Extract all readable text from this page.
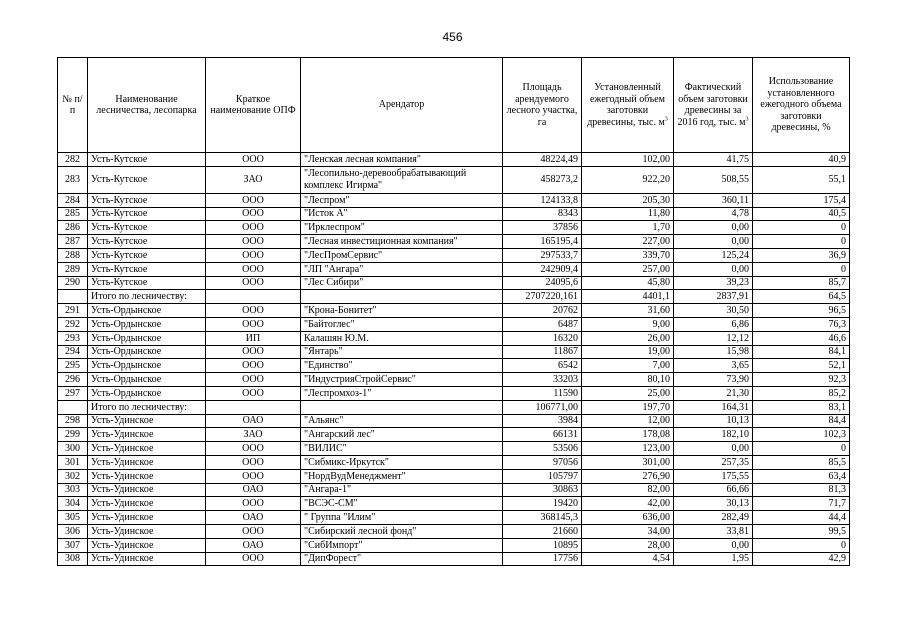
456
№ п/п	Наименование лесничества, лесопарка	Краткое наименование ОПФ	Арендатор	Площадь арендуемого лесного участка, га	Установленный ежегодный объем заготовки древесины, тыс. $м^3$	Фактический объем заготовки древесины за 2016 год, тыс. $м^3$	Использование установленного ежегодного объема заготовки древесины, %
282	Усть-Кутское	ООО	"Ленская лесная компания"	48224,49	102,00	41,75	40,9
283	Усть-Кутское	ЗАО	"Лесопильно-деревообрабатывающий комплекс Игирма"	458273,2	922,20	508,55	55,1
284	Усть-Кутское	ООО	"Леспром"	124133,8	205,30	360,11	175,4
285	Усть-Кутское	ООО	"Исток А"	8343	11,80	4,78	40,5
286	Усть-Кутское	ООО	"Ирклеспром"	37856	1,70	0,00	0
287	Усть-Кутское	ООО	"Лесная инвестиционная компания"	165195,4	227,00	0,00	0
288	Усть-Кутское	ООО	"ЛесПромСервис"	297533,7	339,70	125,24	36,9
289	Усть-Кутское	ООО	"ЛП "Ангара"	242909,4	257,00	0,00	0
290	Усть-Кутское	ООО	"Лес Сибири"	24095,6	45,80	39,23	85,7
	Итого по лесничеству:			2707220,161	4401,1	2837,91	64,5
291	Усть-Ордынское	ООО	"Крона-Бонитет"	20762	31,60	30,50	96,5
292	Усть-Ордынское	ООО	"Байтоглес"	6487	9,00	6,86	76,3
293	Усть-Ордынское	ИП	Калашян Ю.М.	16320	26,00	12,12	46,6
294	Усть-Ордынское	ООО	"Янтарь"	11867	19,00	15,98	84,1
295	Усть-Ордынское	ООО	"Единство"	6542	7,00	3,65	52,1
296	Усть-Ордынское	ООО	"ИндустрияСтройСервис"	33203	80,10	73,90	92,3
297	Усть-Ордынское	ООО	"Леспромхоз-1"	11590	25,00	21,30	85,2
	Итого по лесничеству:			106771,00	197,70	164,31	83,1
298	Усть-Удинское	ОАО	"Альянс"	3984	12,00	10,13	84,4
299	Усть-Удинское	ЗАО	"Ангарский лес"	66131	178,08	182,10	102,3
300	Усть-Удинское	ООО	"ВИЛИС"	53506	123,00	0,00	0
301	Усть-Удинское	ООО	"Сибмикс-Иркутск"	97056	301,00	257,35	85,5
302	Усть-Удинское	ООО	"НордВудМенеджмент"	105797	276,90	175,55	63,4
303	Усть-Удинское	ОАО	"Ангара-1"	30863	82,00	66,66	81,3
304	Усть-Удинское	ООО	"ВСЭС-СМ"	19420	42,00	30,13	71,7
305	Усть-Удинское	ОАО	" Группа "Илим"	368145,3	636,00	282,49	44,4
306	Усть-Удинское	ООО	"Сибирский лесной фонд"	21660	34,00	33,81	99,5
307	Усть-Удинское	ОАО	"СибИмпорт"	10895	28,00	0,00	0
308	Усть-Удинское	ООО	"ДипФорест"	17756	4,54	1,95	42,9
